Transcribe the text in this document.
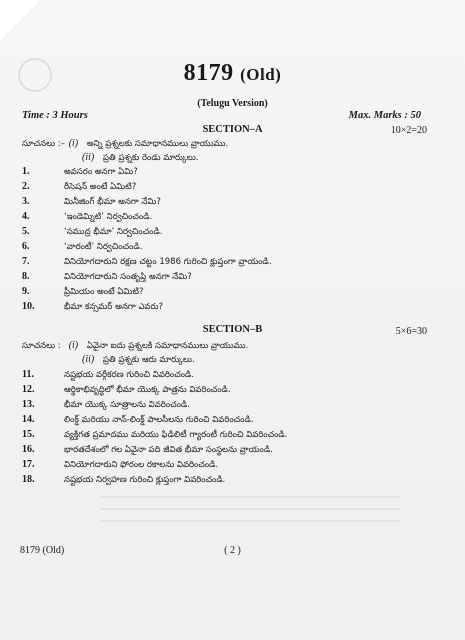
8179 (Old)
(Telugu Version)
Time : 3 Hours	Max. Marks : 50
SECTION–A	10×2=20
సూచనలు :– (i) అన్ని ప్రశ్నలకు సమాధానములు వ్రాయుము.
(ii) ప్రతి ప్రశ్నకు రెండు మార్కులు.
1.	అవసరం అనగా ఏమి?
2.	రీసెషన్ అంటే ఏమిటి?
3.	మినీజింగ్ భీమా అనగా నేమి?
4.	‘ఇండెమ్నిటి’ నిర్వచించండి.
5.	‘సముద్ర భీమా’ నిర్వచించండి.
6.	‘వారంటీ’ నిర్వచించండి.
7.	వినియోగదారుని రక్షణ చట్టం 1986 గురించి క్లుప్తంగా వ్రాయండి.
8.	వినియోగదారుని సంతృప్తి అనగా నేమి?
9.	ప్రీమియం అంటే ఏమిటి?
10.	భీమా కన్సమర్ అనగా ఎవరు?
SECTION–B	5×6=30
సూచనలు : (i) ఏవైనా ఐదు ప్రశ్నలకి సమాధానములు వ్రాయుము.
(ii) ప్రతి ప్రశ్నకు ఆరు మార్కులు.
11.	నష్టభయ వర్గీకరణ గురించి వివరించండి.
12.	ఆర్థికాభివృద్ధిలో భీమా యొక్క పాత్రను వివరించండి.
13.	భీమా యొక్క సూత్రాలను వివరించండి.
14.	లింక్డ్ మరియు నాన్-లింక్డ్ పాలసీలను గురించి వివరించండి.
15.	వ్యక్తిగత ప్రమాదము మరియు ఫిడిలిటీ గ్యారంటీ గురించి వివరించండి.
16.	భారతదేశంలో గల ఏవైనా పది జీవిత భీమా సంస్థలను వ్రాయండి.
17.	వినియోగదారుని ఫోరంల రకాలను వివరించండి.
18.	నష్టభయ నిర్వహణ గురించి క్లుప్తంగా వివరించండి.
8179 (Old)	( 2 )
